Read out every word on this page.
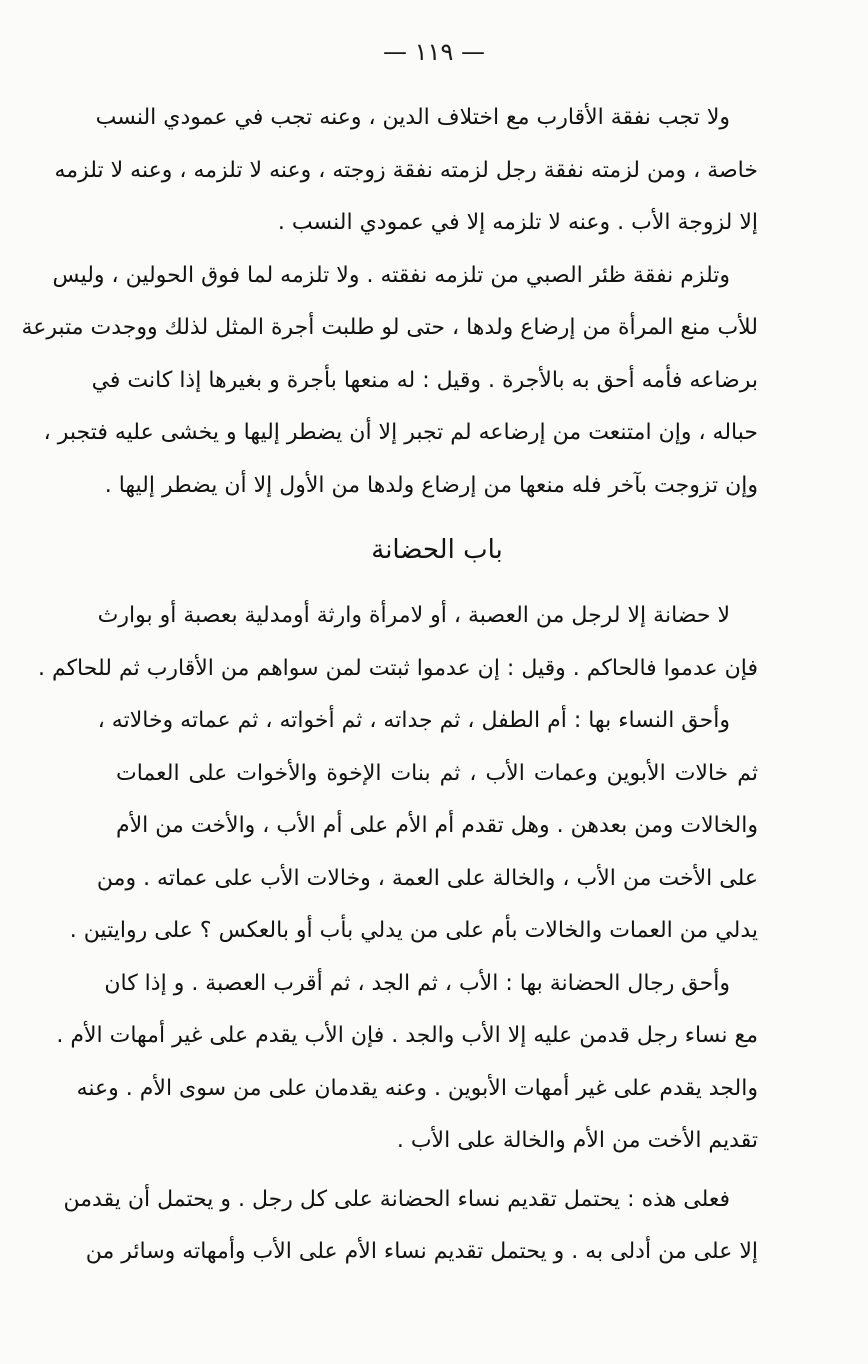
— ١١٩ —
ولا تجب نفقة الأقارب مع اختلاف الدين ، وعنه تجب في عمودي النسب
خاصة ، ومن لزمته نفقة رجل لزمته نفقة زوجته ، وعنه لا تلزمه ، وعنه لا تلزمه
إلا لزوجة الأب . وعنه لا تلزمه إلا في عمودي النسب .
وتلزم نفقة ظئر الصبي من تلزمه نفقته . ولا تلزمه لما فوق الحولين ، وليس
للأب منع المرأة من إرضاع ولدها ، حتى لو طلبت أجرة المثل لذلك ووجدت متبرعة
برضاعه فأمه أحق به بالأجرة . وقيل : له منعها بأجرة و بغيرها إذا كانت في
حباله ، وإن امتنعت من إرضاعه لم تجبر إلا أن يضطر إليها و يخشى عليه فتجبر ،
وإن تزوجت بآخر فله منعها من إرضاع ولدها من الأول إلا أن يضطر إليها .
باب الحضانة
لا حضانة إلا لرجل من العصبة ، أو لامرأة وارثة أومدلية بعصبة أو بوارث
فإن عدموا فالحاكم . وقيل : إن عدموا ثبتت لمن سواهم من الأقارب ثم للحاكم .
وأحق النساء بها : أم الطفل ، ثم جداته ، ثم أخواته ، ثم عماته وخالاته ،
ثم خالات الأبوين وعمات الأب ، ثم بنات الإخوة والأخوات على العمات
والخالات ومن بعدهن . وهل تقدم أم الأم على أم الأب ، والأخت من الأم
على الأخت من الأب ، والخالة على العمة ، وخالات الأب على عماته . ومن
يدلي من العمات والخالات بأم على من يدلي بأب أو بالعكس ؟ على روايتين .
وأحق رجال الحضانة بها : الأب ، ثم الجد ، ثم أقرب العصبة . و إذا كان
مع نساء رجل قدمن عليه إلا الأب والجد . فإن الأب يقدم على غير أمهات الأم .
والجد يقدم على غير أمهات الأبوين . وعنه يقدمان على من سوى الأم . وعنه
تقديم الأخت من الأم والخالة على الأب .
فعلى هذه : يحتمل تقديم نساء الحضانة على كل رجل . و يحتمل أن يقدمن
إلا على من أدلى به . و يحتمل تقديم نساء الأم على الأب وأمهاته وسائر من
